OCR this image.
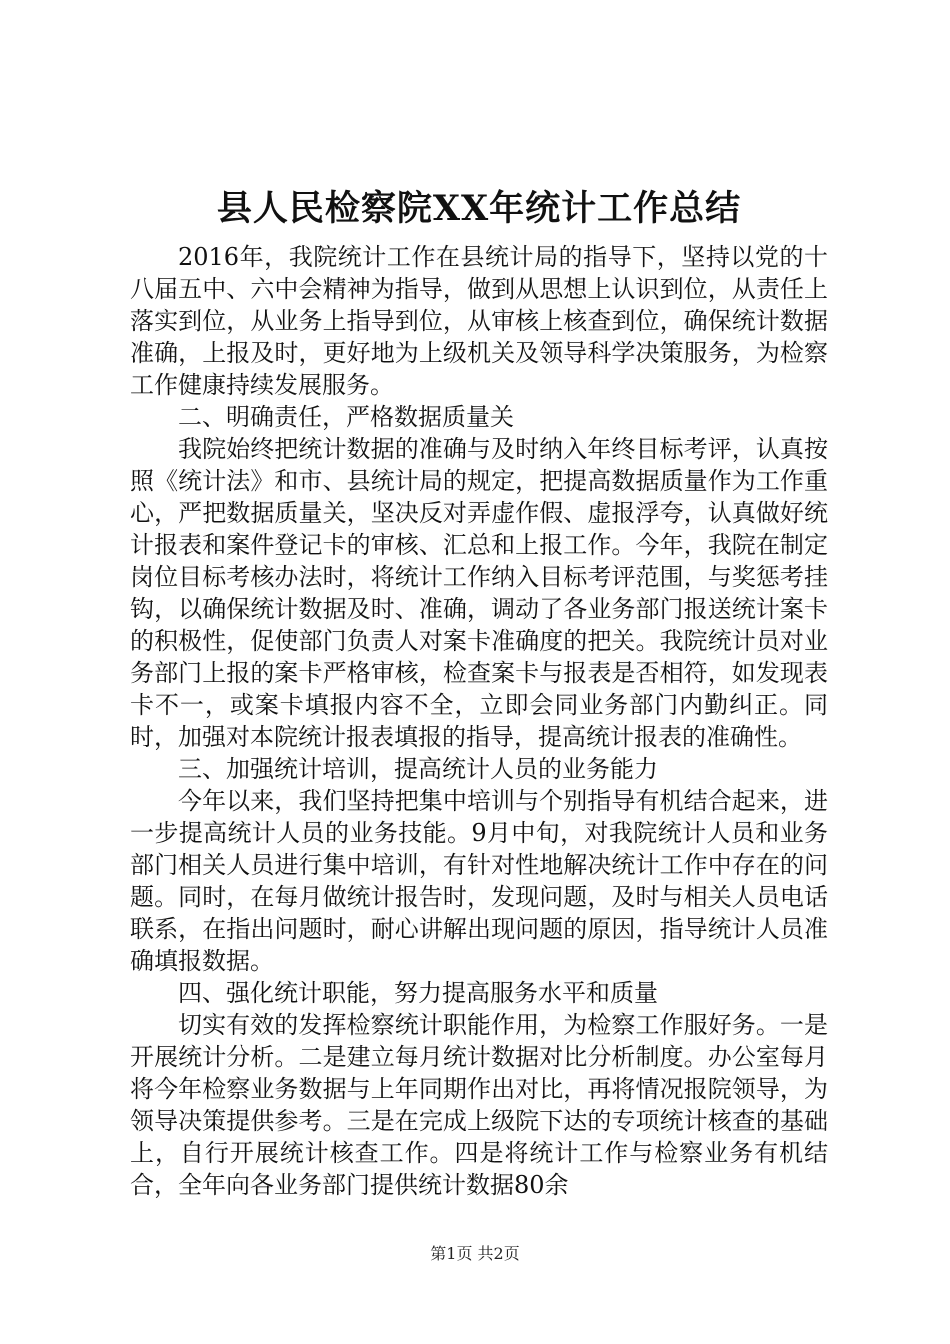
县人民检察院XX年统计工作总结

2016年，我院统计工作在县统计局的指导下，坚持以党的十八届五中、六中会精神为指导，做到从思想上认识到位，从责任上落实到位，从业务上指导到位，从审核上核查到位，确保统计数据准确，上报及时，更好地为上级机关及领导科学决策服务，为检察工作健康持续发展服务。

二、明确责任，严格数据质量关

我院始终把统计数据的准确与及时纳入年终目标考评，认真按照《统计法》和市、县统计局的规定，把提高数据质量作为工作重心，严把数据质量关，坚决反对弄虚作假、虚报浮夸，认真做好统计报表和案件登记卡的审核、汇总和上报工作。今年，我院在制定岗位目标考核办法时，将统计工作纳入目标考评范围，与奖惩考挂钩，以确保统计数据及时、准确，调动了各业务部门报送统计案卡的积极性，促使部门负责人对案卡准确度的把关。我院统计员对业务部门上报的案卡严格审核，检查案卡与报表是否相符，如发现表卡不一，或案卡填报内容不全，立即会同业务部门内勤纠正。同时，加强对本院统计报表填报的指导，提高统计报表的准确性。

三、加强统计培训，提高统计人员的业务能力

今年以来，我们坚持把集中培训与个别指导有机结合起来，进一步提高统计人员的业务技能。9月中旬，对我院统计人员和业务部门相关人员进行集中培训，有针对性地解决统计工作中存在的问题。同时，在每月做统计报告时，发现问题，及时与相关人员电话联系，在指出问题时，耐心讲解出现问题的原因，指导统计人员准确填报数据。

四、强化统计职能，努力提高服务水平和质量

切实有效的发挥检察统计职能作用，为检察工作服好务。一是开展统计分析。二是建立每月统计数据对比分析制度。办公室每月将今年检察业务数据与上年同期作出对比，再将情况报院领导，为领导决策提供参考。三是在完成上级院下达的专项统计核查的基础上，自行开展统计核查工作。四是将统计工作与检察业务有机结合，全年向各业务部门提供统计数据80余

第1页 共2页
